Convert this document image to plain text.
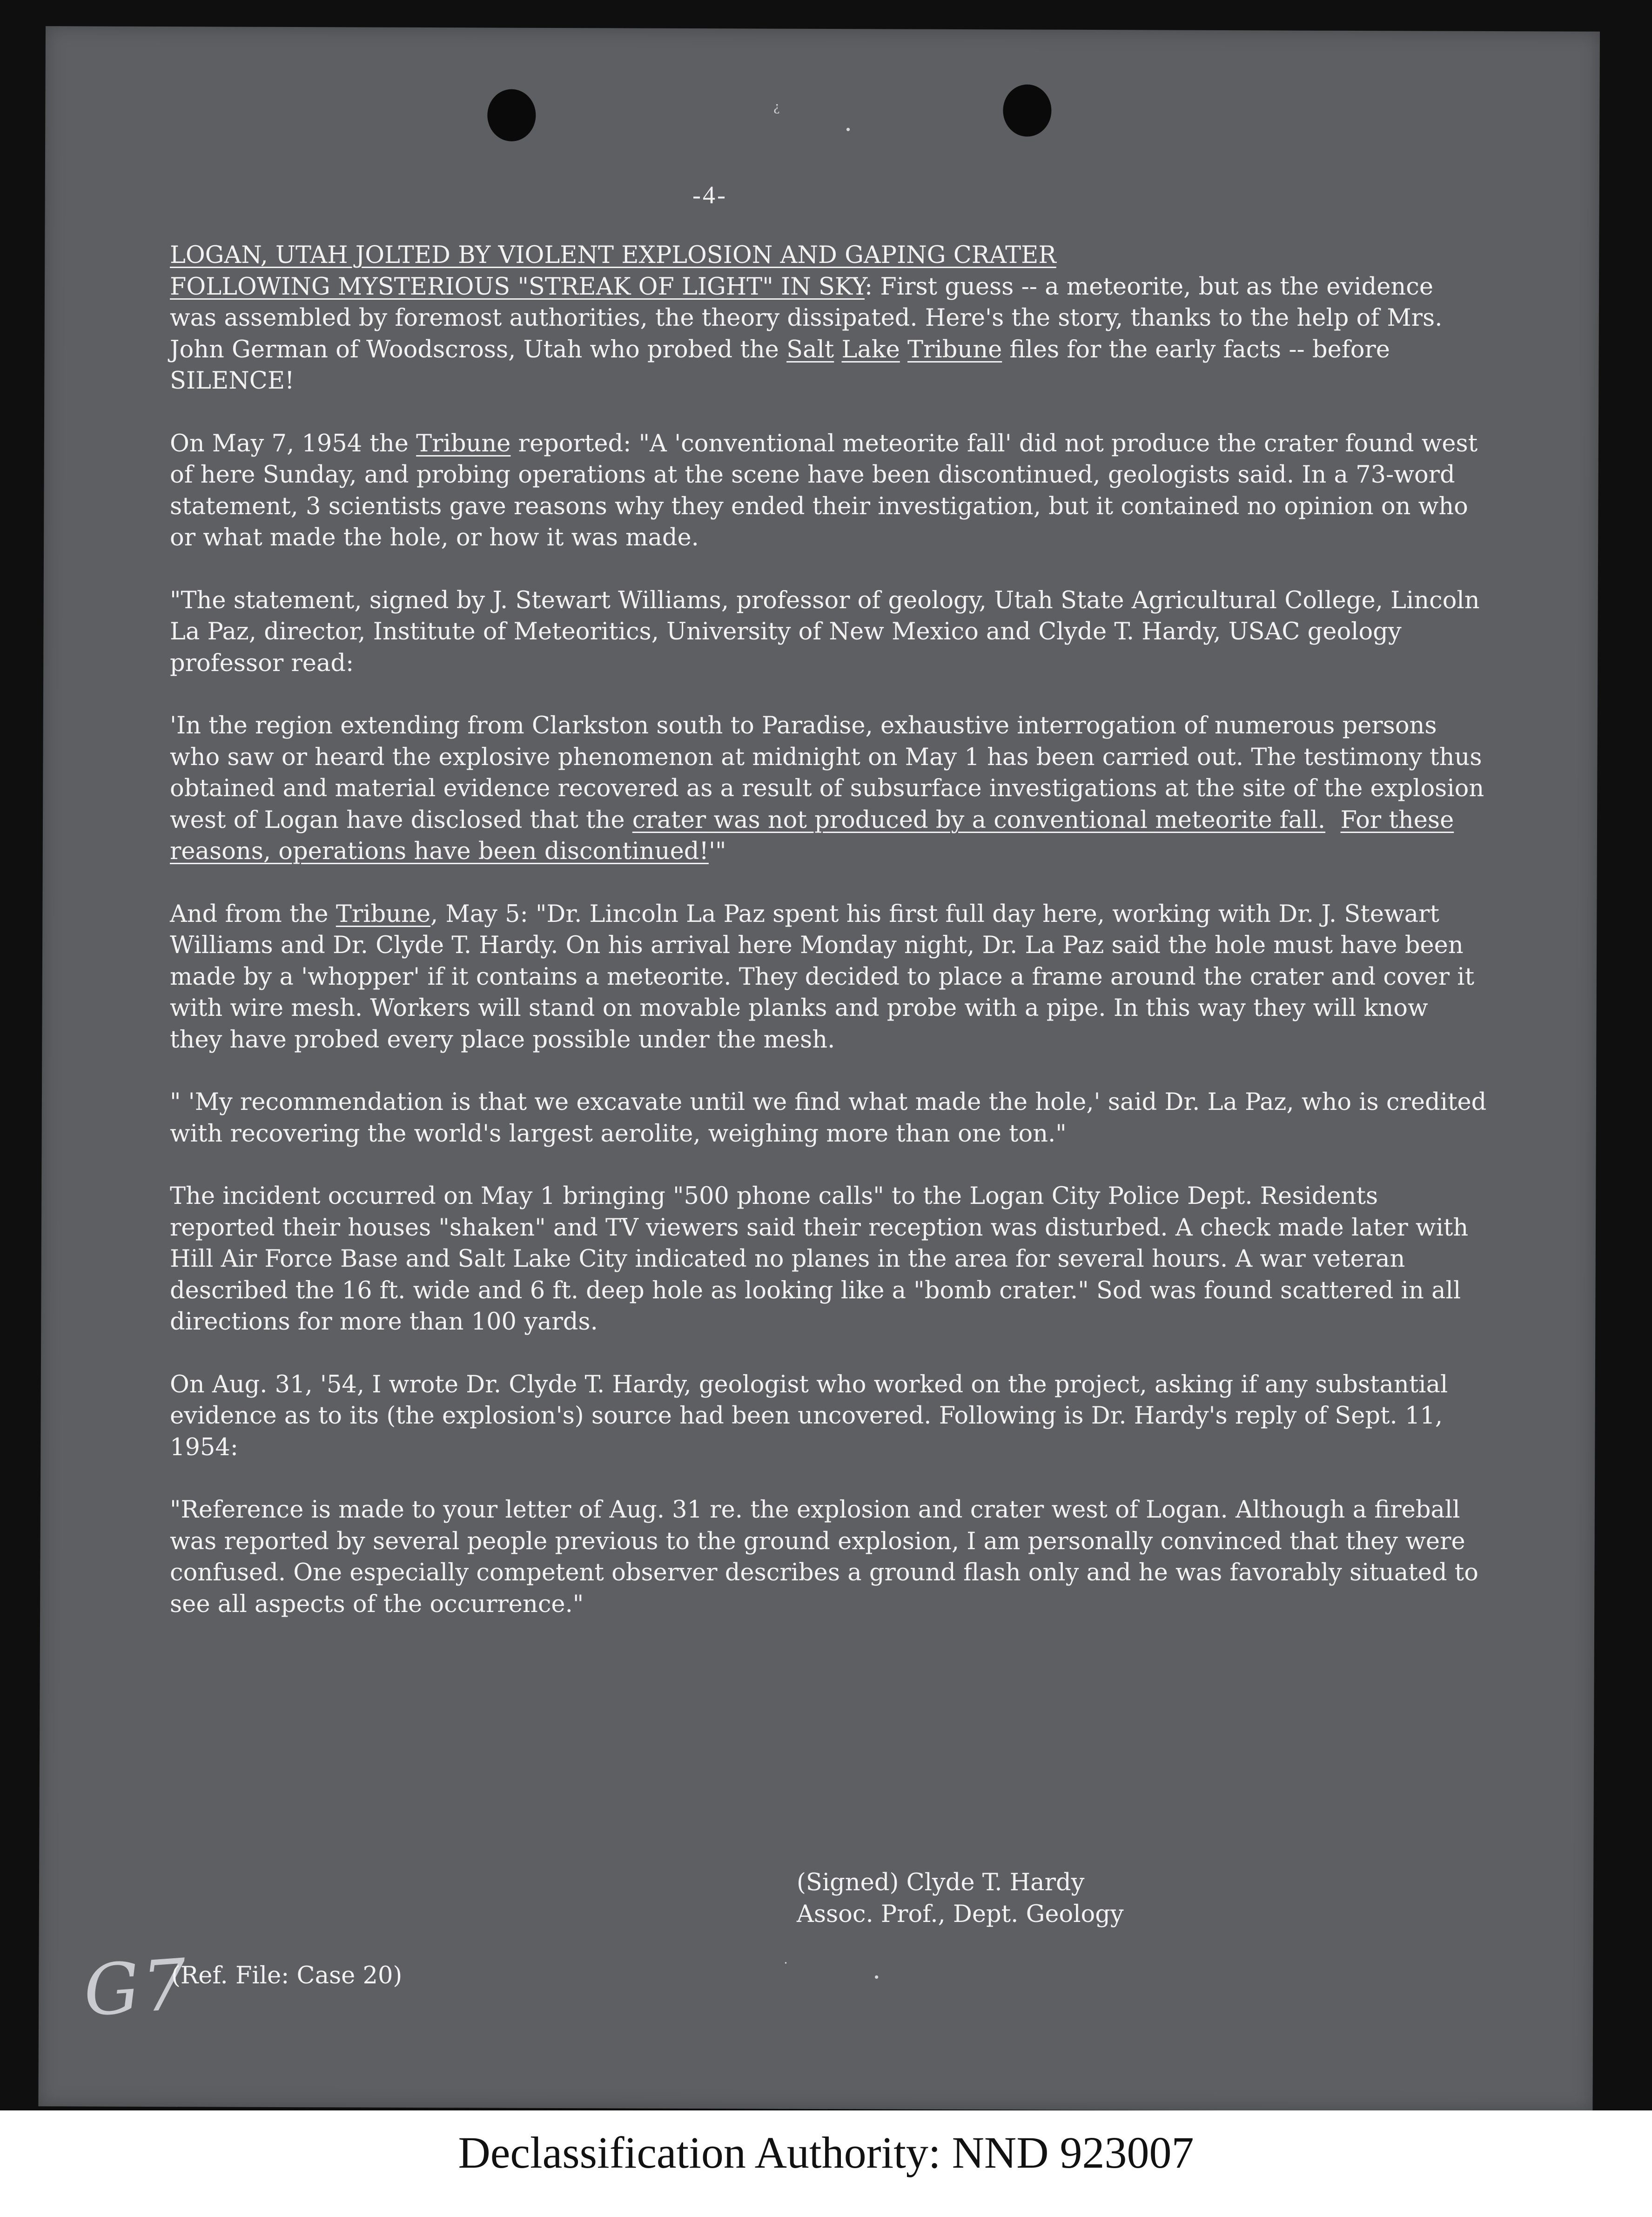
¿
•
·
•
-4-

LOGAN, UTAH JOLTED BY VIOLENT EXPLOSION AND GAPING CRATER
FOLLOWING MYSTERIOUS "STREAK OF LIGHT" IN SKY: First guess -- a meteorite, but as the evidence was assembled by foremost authorities, the theory dissipated. Here's the story, thanks to the help of Mrs. John German of Woodscross, Utah who probed the Salt Lake Tribune files for the early facts -- before SILENCE!

On May 7, 1954 the Tribune reported: "A 'conventional meteorite fall' did not produce the crater found west of here Sunday, and probing operations at the scene have been discontinued, geologists said. In a 73-word statement, 3 scientists gave reasons why they ended their investigation, but it contained no opinion on who or what made the hole, or how it was made.

"The statement, signed by J. Stewart Williams, professor of geology, Utah State Agricultural College, Lincoln La Paz, director, Institute of Meteoritics, University of New Mexico and Clyde T. Hardy, USAC geology professor read:

'In the region extending from Clarkston south to Paradise, exhaustive interrogation of numerous persons who saw or heard the explosive phenomenon at midnight on May 1 has been carried out. The testimony thus obtained and material evidence recovered as a result of subsurface investigations at the site of the explosion west of Logan have disclosed that the crater was not produced by a conventional meteorite fall. For these reasons, operations have been discontinued!'"

And from the Tribune, May 5: "Dr. Lincoln La Paz spent his first full day here, working with Dr. J. Stewart Williams and Dr. Clyde T. Hardy. On his arrival here Monday night, Dr. La Paz said the hole must have been made by a 'whopper' if it contains a meteorite. They decided to place a frame around the crater and cover it with wire mesh. Workers will stand on movable planks and probe with a pipe. In this way they will know they have probed every place possible under the mesh.

" 'My recommendation is that we excavate until we find what made the hole,' said Dr. La Paz, who is credited with recovering the world's largest aerolite, weighing more than one ton."

The incident occurred on May 1 bringing "500 phone calls" to the Logan City Police Dept. Residents reported their houses "shaken" and TV viewers said their reception was disturbed. A check made later with Hill Air Force Base and Salt Lake City indicated no planes in the area for several hours. A war veteran described the 16 ft. wide and 6 ft. deep hole as looking like a "bomb crater." Sod was found scattered in all directions for more than 100 yards.

On Aug. 31, '54, I wrote Dr. Clyde T. Hardy, geologist who worked on the project, asking if any substantial evidence as to its (the explosion's) source had been uncovered. Following is Dr. Hardy's reply of Sept. 11, 1954:

"Reference is made to your letter of Aug. 31 re. the explosion and crater west of Logan. Although a fireball was reported by several people previous to the ground explosion, I am personally convinced that they were confused. One especially competent observer describes a ground flash only and he was favorably situated to see all aspects of the occurrence."

(Signed) Clyde T. Hardy
Assoc. Prof., Dept. Geology
G7
(Ref. File: Case 20)
Declassification Authority: NND 923007
